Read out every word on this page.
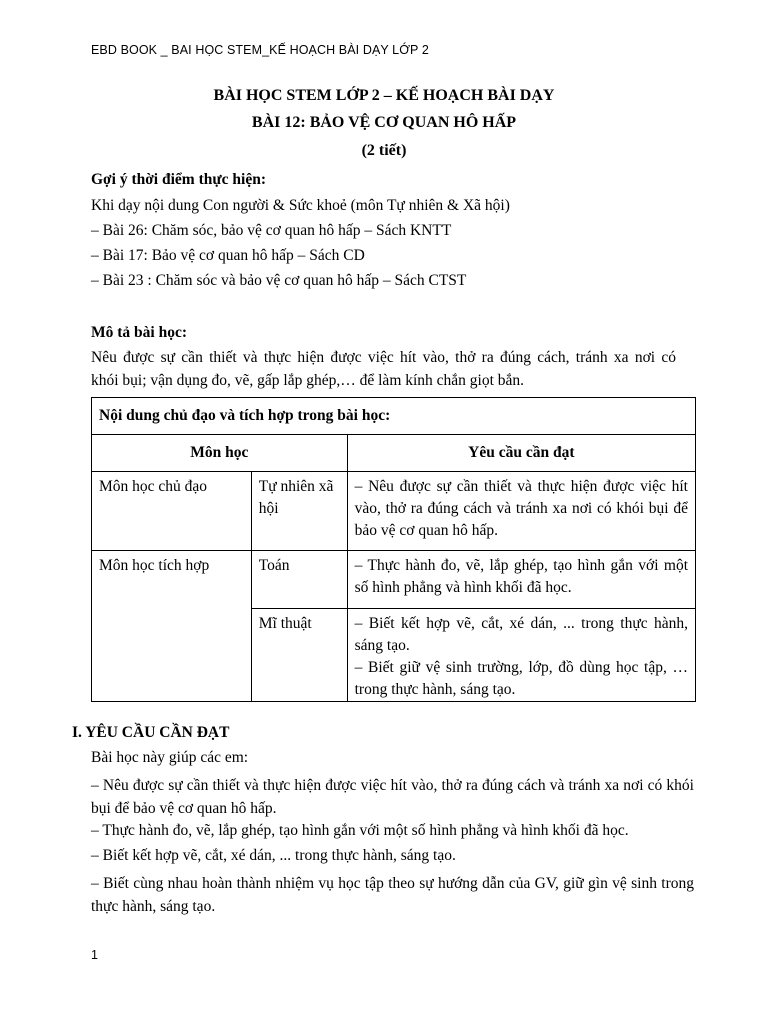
EBD BOOK _ BAI HỌC STEM_KẾ HOẠCH BÀI DẠY LỚP 2
BÀI HỌC STEM LỚP 2 – KẾ HOẠCH BÀI DẠY
BÀI 12: BẢO VỆ CƠ QUAN HÔ HẤP
(2 tiết)
Gợi ý thời điểm thực hiện:
Khi dạy nội dung Con người & Sức khoẻ (môn Tự nhiên & Xã hội)
– Bài 26: Chăm sóc, bảo vệ cơ quan hô hấp – Sách KNTT
– Bài 17: Bảo vệ cơ quan hô hấp – Sách CD
– Bài 23 : Chăm sóc và bảo vệ cơ quan hô hấp – Sách CTST
Mô tả bài học:
Nêu được sự cần thiết và thực hiện được việc hít vào, thở ra đúng cách, tránh xa nơi có
khói bụi; vận dụng đo, vẽ, gấp lắp ghép,… để làm kính chắn giọt bắn.
Nội dung chủ đạo và tích hợp trong bài học:		
Môn học		Yêu cầu cần đạt
Môn học chủ đạo	Tự nhiên xã hội	– Nêu được sự cần thiết và thực hiện được việc hít vào, thở ra đúng cách và tránh xa nơi có khói bụi để bảo vệ cơ quan hô hấp.
Môn học tích hợp	Toán	– Thực hành đo, vẽ, lắp ghép, tạo hình gắn với một số hình phẳng và hình khối đã học.
	Mĩ thuật	– Biết kết hợp vẽ, cắt, xé dán, ... trong thực hành, sáng tạo.
– Biết giữ vệ sinh trường, lớp, đồ dùng học tập, … trong thực hành, sáng tạo.
I. YÊU CẦU CẦN ĐẠT
Bài học này giúp các em:
– Nêu được sự cần thiết và thực hiện được việc hít vào, thở ra đúng cách và tránh xa nơi có khói bụi để bảo vệ cơ quan hô hấp.
– Thực hành đo, vẽ, lắp ghép, tạo hình gắn với một số hình phẳng và hình khối đã học.
– Biết kết hợp vẽ, cắt, xé dán, ... trong thực hành, sáng tạo.
– Biết cùng nhau hoàn thành nhiệm vụ học tập theo sự hướng dẫn của GV, giữ gìn vệ sinh trong thực hành, sáng tạo.
1
